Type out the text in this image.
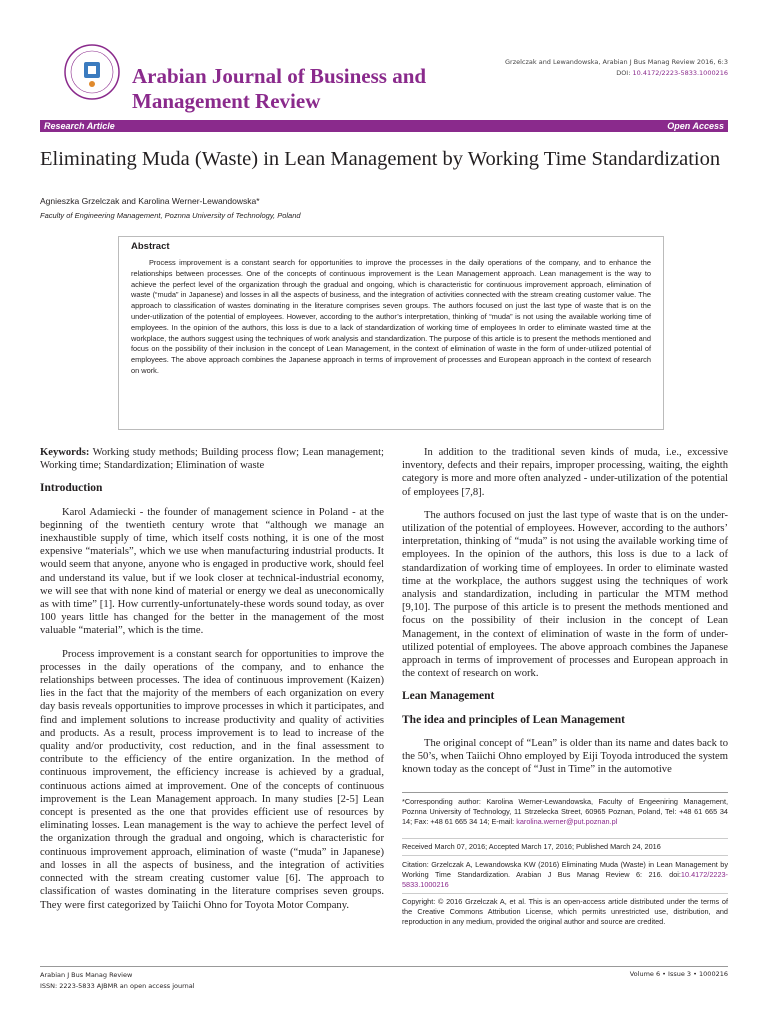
Arabian Journal of Business and
Management Review
Grzelczak and Lewandowska, Arabian J Bus Manag Review 2016, 6:3
DOI: 10.4172/2223-5833.1000216
Research Article	Open Access
Eliminating Muda (Waste) in Lean Management by Working Time Standardization
Agnieszka Grzelczak and Karolina Werner-Lewandowska*
Faculty of Engineering Management, Poznna University of Technology, Poland
Abstract

Process improvement is a constant search for opportunities to improve the processes in the daily operations of the company, and to enhance the relationships between processes. One of the concepts of continuous improvement is the Lean Management approach. Lean management is the way to achieve the perfect level of the organization through the gradual and ongoing, which is characteristic for continuous improvement approach, elimination of waste (“muda” in Japanese) and losses in all the aspects of business, and the integration of activities connected with the stream creating customer value. The approach to classification of wastes dominating in the literature comprises seven groups. The authors focused on just the last type of waste that is on the under-utilization of the potential of employees. However, according to the author’s interpretation, thinking of “muda” is not using the available working time of employees. In the opinion of the authors, this loss is due to a lack of standardization of working time of employees In order to eliminate wasted time at the workplace, the authors suggest using the techniques of work analysis and standardization. The purpose of this article is to present the methods mentioned and focus on the possibility of their inclusion in the concept of Lean Management, in the context of elimination of waste in the form of under-utilized potential of employees. The above approach combines the Japanese approach in terms of improvement of processes and European approach in the context of research on work.

Keywords: Working study methods; Building process flow; Lean management; Working time; Standardization; Elimination of waste

Introduction

Karol Adamiecki - the founder of management science in Poland - at the beginning of the twentieth century wrote that “although we manage an inexhaustible supply of time, which itself costs nothing, it is one of the most expensive “materials”, which we use when manufacturing industrial products. It would seem that anyone, anyone who is engaged in productive work, should feel and understand its value, but if we look closer at technical-industrial economy, we will see that with none kind of material or energy we deal as uneconomically as with time” [1]. How currently-unfortunately-these words sound today, as over 100 years little has changed for the better in the management of the most valuable “material”, which is the time.

Process improvement is a constant search for opportunities to improve the processes in the daily operations of the company, and to enhance the relationships between processes. The idea of continuous improvement (Kaizen) lies in the fact that the majority of the members of each organization on every day basis reveals opportunities to improve processes in which it participates, and find and implement solutions to increase productivity and quality of activities and products. As a result, process improvement is to lead to increase of the quality and/or productivity, cost reduction, and in the final assessment to contribute to the efficiency of the entire organization. In the method of continuous improvement, the efficiency increase is achieved by a gradual, continuous actions aimed at improvement. One of the concepts of continuous improvement is the Lean Management approach. In many studies [2-5] Lean concept is presented as the one that provides efficient use of resources by eliminating losses. Lean management is the way to achieve the perfect level of the organization through the gradual and ongoing, which is characteristic for continuous improvement approach, elimination of waste (“muda” in Japanese) and losses in all the aspects of business, and the integration of activities connected with the stream creating customer value [6]. The approach to classification of wastes dominating in the literature comprises seven groups. They were first categorized by Taiichi Ohno for Toyota Motor Company.

In addition to the traditional seven kinds of muda, i.e., excessive inventory, defects and their repairs, improper processing, waiting, the eighth category is more and more often analyzed - under-utilization of the potential of employees [7,8].

The authors focused on just the last type of waste that is on the under-utilization of the potential of employees. However, according to the authors’ interpretation, thinking of “muda” is not using the available working time of employees. In the opinion of the authors, this loss is due to a lack of standardization of working time of employees. In order to eliminate wasted time at the workplace, the authors suggest using the techniques of work analysis and standardization, including in particular the MTM method [9,10]. The purpose of this article is to present the methods mentioned and focus on the possibility of their inclusion in the concept of Lean Management, in the context of elimination of waste in the form of under-utilized potential of employees. The above approach combines the Japanese approach in terms of improvement of processes and European approach in the context of research on work.

Lean Management
The idea and principles of Lean Management

The original concept of “Lean” is older than its name and dates back to the 50’s, when Taiichi Ohno employed by Eiji Toyoda introduced the system known today as the concept of “Just in Time” in the automotive

*Corresponding author: Karolina Werner-Lewandowska, Faculty of Engeeniring Management, Poznna University of Technology, 11 Strzelecka Street, 60965 Poznan, Poland, Tel: +48 61 665 34 14; Fax: +48 61 665 34 14; E-mail: karolina.werner@put.poznan.pl
Received March 07, 2016; Accepted March 17, 2016; Published March 24, 2016
Citation: Grzelczak A, Lewandowska KW (2016) Eliminating Muda (Waste) in Lean Management by Working Time Standardization. Arabian J Bus Manag Review 6: 216. doi:10.4172/2223-5833.1000216
Copyright: © 2016 Grzelczak A, et al. This is an open-access article distributed under the terms of the Creative Commons Attribution License, which permits unrestricted use, distribution, and reproduction in any medium, provided the original author and source are credited.
Arabian J Bus Manag Review
ISSN: 2223-5833 AJBMR an open access journal
Volume 6 • Issue 3 • 1000216
